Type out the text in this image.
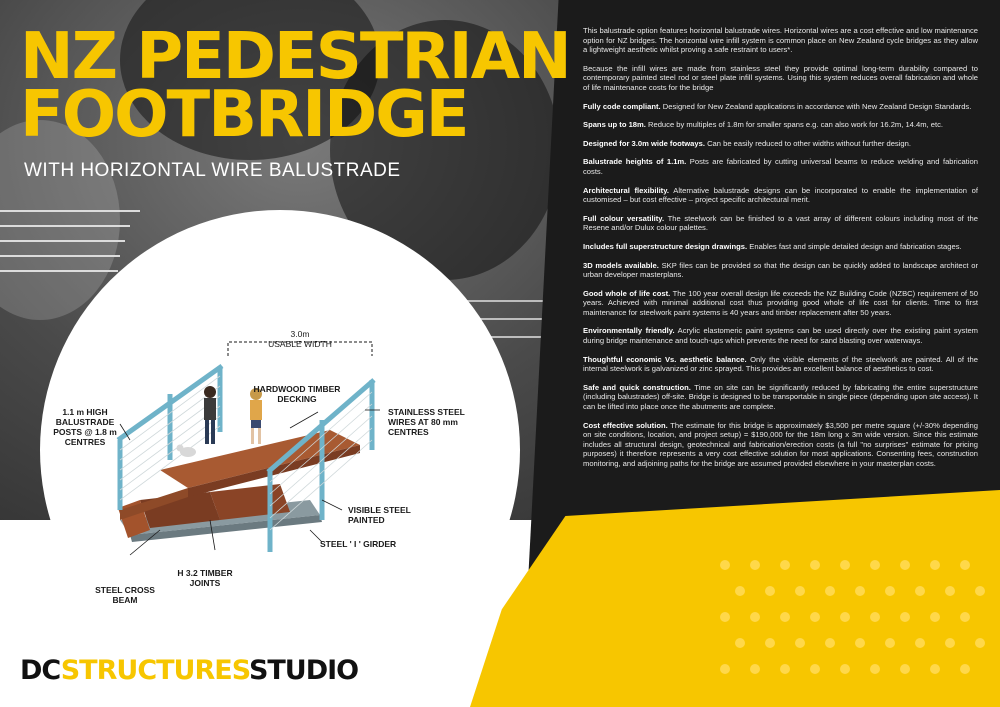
NZ PEDESTRIAN
FOOTBRIDGE

WITH HORIZONTAL WIRE BALUSTRADE

This balustrade option features horizontal balustrade wires. Horizontal wires are a cost effective and low maintenance option for NZ bridges. The horizontal wire infill system is common place on New Zealand cycle bridges as they allow a lightweight aesthetic whilst proving a safe restraint to users*.

Because the infill wires are made from stainless steel they provide optimal long-term durability compared to contemporary painted steel rod or steel plate infill systems. Using this system reduces overall fabrication and whole of life maintenance costs for the bridge

Fully code compliant. Designed for New Zealand applications in accordance with New Zealand Design Standards.

Spans up to 18m. Reduce by multiples of 1.8m for smaller spans e.g. can also work for 16.2m, 14.4m, etc.

Designed for 3.0m wide footways. Can be easily reduced to other widths without further design.

Balustrade heights of 1.1m. Posts are fabricated by cutting universal beams to reduce welding and fabrication costs.

Architectural flexibility. Alternative balustrade designs can be incorporated to enable the implementation of customised – but cost effective – project specific architectural merit.

Full colour versatility. The steelwork can be finished to a vast array of different colours including most of the Resene and/or Dulux colour palettes.

Includes full superstructure design drawings. Enables fast and simple detailed design and fabrication stages.

3D models available. SKP files can be provided so that the design can be quickly added to landscape architect or urban developer masterplans.

Good whole of life cost. The 100 year overall design life exceeds the NZ Building Code (NZBC) requirement of 50 years. Achieved with minimal additional cost thus providing good whole of life cost for clients. Time to first maintenance for steelwork paint systems is 40 years and timber replacement after 50 years.

Environmentally friendly. Acrylic elastomeric paint systems can be used directly over the existing paint system during bridge maintenance and touch-ups which prevents the need for sand blasting over waterways.

Thoughtful economic Vs. aesthetic balance. Only the visible elements of the steelwork are painted. All of the internal steelwork is galvanized or zinc sprayed. This provides an excellent balance of aesthetics to cost.

Safe and quick construction. Time on site can be significantly reduced by fabricating the entire superstructure (including balustrades) off-site. Bridge is designed to be transportable in single piece (depending upon site access). It can be lifted into place once the abutments are complete.

Cost effective solution. The estimate for this bridge is approximately $3,500 per metre square (+/-30% depending on site conditions, location, and project setup) = $190,000 for the 18m long x 3m wide version. Since this estimate includes all structural design, geotechnical and fabrication/erection costs (a full "no surprises" estimate for pricing purposes) it therefore represents a very cost effective solution for most applications. Consenting fees, construction monitoring, and adjoining paths for the bridge are assumed provided elsewhere in your masterplan costs.

3.0m
USABLE WIDTH
HARDWOOD TIMBER DECKING
1.1 m HIGH BALUSTRADE POSTS @ 1.8 m CENTRES
STAINLESS STEEL WIRES AT 80 mm CENTRES
VISIBLE STEEL PAINTED
STEEL ' I ' GIRDER
H 3.2 TIMBER JOINTS
STEEL CROSS BEAM
DCSTRUCTURESSTUDIO
